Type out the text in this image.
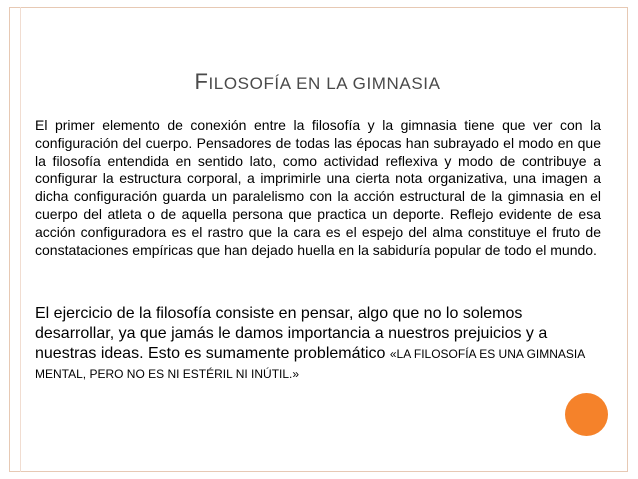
FILOSOFÍA EN LA GIMNASIA
El primer elemento de conexión entre la filosofía y la gimnasia tiene que ver con la configuración del cuerpo. Pensadores de todas las épocas han subrayado el modo en que la filosofía entendida en sentido lato, como actividad reflexiva y modo de contribuye a configurar la estructura corporal, a imprimirle una cierta nota organizativa, una imagen a dicha configuración guarda un paralelismo con la acción estructural de la gimnasia en el cuerpo del atleta o de aquella persona que practica un deporte. Reflejo evidente de esa acción configuradora es el rastro que la cara es el espejo del alma constituye el fruto de constataciones empíricas que han dejado huella en la sabiduría popular de todo el mundo.
El ejercicio de la filosofía consiste en pensar, algo que no lo solemos desarrollar, ya que jamás le damos importancia a nuestros prejuicios y a nuestras ideas. Esto es sumamente problemático «LA FILOSOFÍA ES UNA GIMNASIA MENTAL, PERO NO ES NI ESTÉRIL NI INÚTIL.»
